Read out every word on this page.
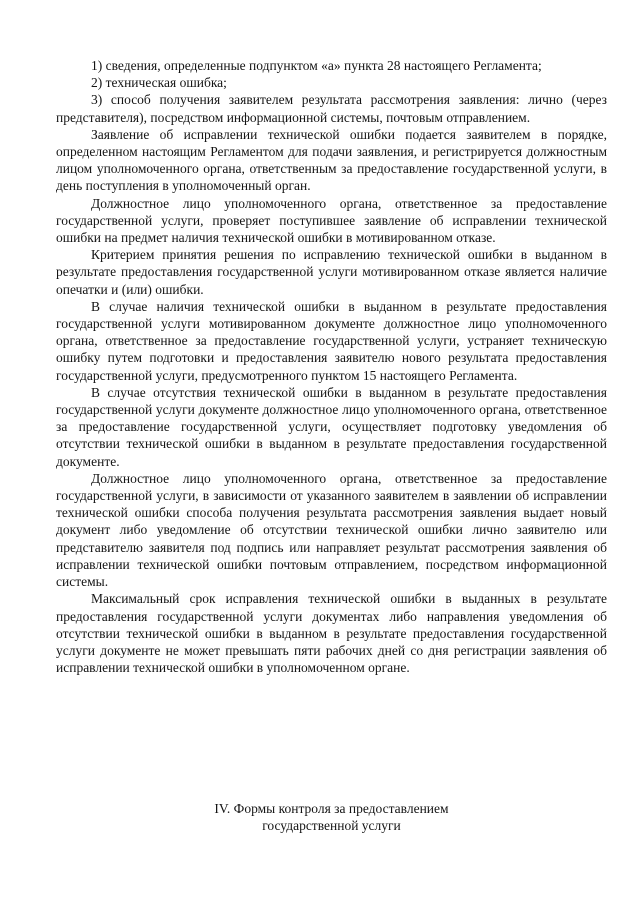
1) сведения, определенные подпунктом «а» пункта 28 настоящего Регламента;

2) техническая ошибка;

3) способ получения заявителем результата рассмотрения заявления: лично (через представителя), посредством информационной системы, почтовым отправлением.

Заявление об исправлении технической ошибки подается заявителем в порядке, определенном настоящим Регламентом для подачи заявления, и регистрируется должностным лицом уполномоченного органа, ответственным за предоставление государственной услуги, в день поступления в уполномоченный орган.

Должностное лицо уполномоченного органа, ответственное за предоставление государственной услуги, проверяет поступившее заявление об исправлении технической ошибки на предмет наличия технической ошибки в мотивированном отказе.

Критерием принятия решения по исправлению технической ошибки в выданном в результате предоставления государственной услуги мотивированном отказе является наличие опечатки и (или) ошибки.

В случае наличия технической ошибки в выданном в результате предоставления государственной услуги мотивированном документе должностное лицо уполномоченного органа, ответственное за предоставление государственной услуги, устраняет техническую ошибку путем подготовки и предоставления заявителю нового результата предоставления государственной услуги, предусмотренного пунктом 15 настоящего Регламента.

В случае отсутствия технической ошибки в выданном в результате предоставления государственной услуги документе должностное лицо уполномоченного органа, ответственное за предоставление государственной услуги, осуществляет подготовку уведомления об отсутствии технической ошибки в выданном в результате предоставления государственной документе.

Должностное лицо уполномоченного органа, ответственное за предоставление государственной услуги, в зависимости от указанного заявителем в заявлении об исправлении технической ошибки способа получения результата рассмотрения заявления выдает новый документ либо уведомление об отсутствии технической ошибки лично заявителю или представителю заявителя под подпись или направляет результат рассмотрения заявления об исправлении технической ошибки почтовым отправлением, посредством информационной системы.

Максимальный срок исправления технической ошибки в выданных в результате предоставления государственной услуги документах либо направления уведомления об отсутствии технической ошибки в выданном в результате предоставления государственной услуги документе не может превышать пяти рабочих дней со дня регистрации заявления об исправлении технической ошибки в уполномоченном органе.

IV. Формы контроля за предоставлением
государственной услуги
